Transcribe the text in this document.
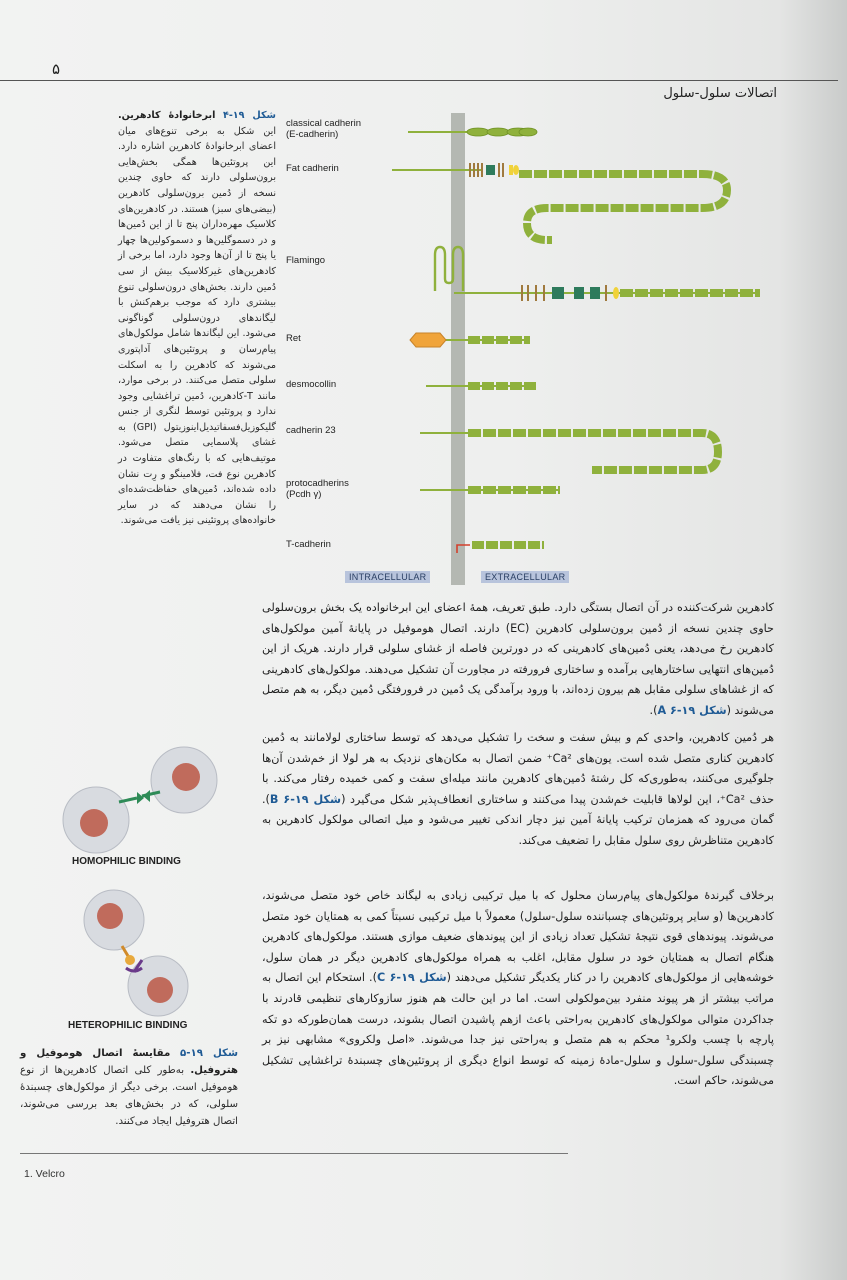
۵
اتصالات سلول-سلول
شکل ۱۹-۴ ابرخانوادهٔ کادهرین. این شکل به برخی تنوع‌های میان اعضای ابرخانوادهٔ کادهرین اشاره دارد. این پروتئین‌ها همگی بخش‌هایی برون‌سلولی دارند که حاوی چندین نسخه از دُمین برون‌سلولی کادهرین (بیضی‌های سبز) هستند. در کادهرین‌های کلاسیک مهره‌داران پنج تا از این دُمین‌ها و در دسموگلین‌ها و دسموکولین‌ها چهار یا پنج تا از آن‌ها وجود دارد، اما برخی از کادهرین‌های غیرکلاسیک بیش از سی دُمین دارند. بخش‌های درون‌سلولی تنوع بیشتری دارد که موجب برهم‌کنش با لیگاندهای درون‌سلولی گوناگونی می‌شود. این لیگاندها شامل مولکول‌های پیام‌رسان و پروتئین‌های آداپتوری می‌شوند که کادهرین را به اسکلت سلولی متصل می‌کنند. در برخی موارد، مانند T-کادهرین، دُمین تراغشایی وجود ندارد و پروتئین توسط لنگری از جنس گلیکوزیل‌فسفاتیدیل‌اینوزیتول (GPI) به غشای پلاسمایی متصل می‌شود. موتیف‌هایی که با رنگ‌های متفاوت در کادهرین نوع فت، فلامینگو و رِت نشان داده شده‌اند، دُمین‌های حفاظت‌شده‌ای را نشان می‌دهند که در سایر خانواده‌های پروتئینی نیز یافت می‌شوند.
classical cadherin
(E-cadherin)
Fat cadherin
Flamingo
Ret
desmocollin
cadherin 23
protocadherins
(Pcdh γ)
T-cadherin
INTRACELLULAR	EXTRACELLULAR
کادهرین شرکت‌کننده در آن اتصال بستگی دارد. طبق تعریف، همهٔ اعضای این ابرخانواده یک بخش برون‌سلولی حاوی چندین نسخه از دُمین برون‌سلولی کادهرین (EC) دارند. اتصال هوموفیل در پایانهٔ آمین مولکول‌های کادهرین رخ می‌دهد، یعنی دُمین‌های کادهرینی که در دورترین فاصله از غشای سلولی قرار دارند. هریک از این دُمین‌های انتهایی ساختارهایی برآمده و ساختاری فرورفته در مجاورت آن تشکیل می‌دهند. مولکول‌های کادهرینی که از غشاهای سلولی مقابل هم بیرون زده‌اند، با ورود برآمدگی یک دُمین در فرورفتگی دُمین دیگر، به هم متصل می‌شوند (شکل ۱۹-۶ A).
هر دُمین کادهرین، واحدی کم و بیش سفت و سخت را تشکیل می‌دهد که توسط ساختاری لولامانند به دُمین کادهرین کناری متصل شده است. یون‌های Ca²⁺ ضمن اتصال به مکان‌های نزدیک به هر لولا از خم‌شدن آن‌ها جلوگیری می‌کنند، به‌طوری‌که کل رشتهٔ دُمین‌های کادهرین مانند میله‌ای سفت و کمی خمیده رفتار می‌کند. با حذف Ca²⁺، این لولاها قابلیت خم‌شدن پیدا می‌کنند و ساختاری انعطاف‌پذیر شکل می‌گیرد (شکل ۱۹-۶ B). گمان می‌رود که همزمان ترکیب پایانهٔ آمین نیز دچار اندکی تغییر می‌شود و میل اتصالی مولکول کادهرین به کادهرین متناظرش روی سلول مقابل را تضعیف می‌کند.
برخلاف گیرندهٔ مولکول‌های پیام‌رسان محلول که با میل ترکیبی زیادی به لیگاند خاص خود متصل می‌شوند، کادهرین‌ها (و سایر پروتئین‌های چسباننده سلول-سلول) معمولاً با میل ترکیبی نسبتاً کمی به همتایان خود متصل می‌شوند. پیوندهای قوی نتیجهٔ تشکیل تعداد زیادی از این پیوندهای ضعیف موازی هستند. مولکول‌های کادهرین هنگام اتصال به همتایان خود در سلول مقابل، اغلب به همراه مولکول‌های کادهرین دیگر در همان سلول، خوشه‌هایی از مولکول‌های کادهرین را در کنار یکدیگر تشکیل می‌دهند (شکل ۱۹-۶ C). استحکام این اتصال به مراتب بیشتر از هر پیوند منفرد بین‌مولکولی است. اما در این حالت هم هنوز سازوکارهای تنظیمی قادرند با جداکردن متوالی مولکول‌های کادهرین به‌راحتی باعث ازهم پاشیدن اتصال بشوند، درست همان‌طورکه دو تکه پارچه با چسب ولکرو¹ محکم به هم متصل و به‌راحتی نیز جدا می‌شوند. «اصل ولکروی» مشابهی نیز بر چسبندگی سلول-سلول و سلول-مادهٔ زمینه که توسط انواع دیگری از پروتئین‌های چسبندهٔ تراغشایی تشکیل می‌شوند، حاکم است.
HOMOPHILIC BINDING
HETEROPHILIC BINDING
شکل ۱۹-۵ مقایسهٔ اتصال هوموفیل و هتروفیل. به‌طور کلی اتصال کادهرین‌ها از نوع هوموفیل است. برخی دیگر از مولکول‌های چسبندهٔ سلولی، که در بخش‌های بعد بررسی می‌شوند، اتصال هتروفیل ایجاد می‌کنند.
1. Velcro
